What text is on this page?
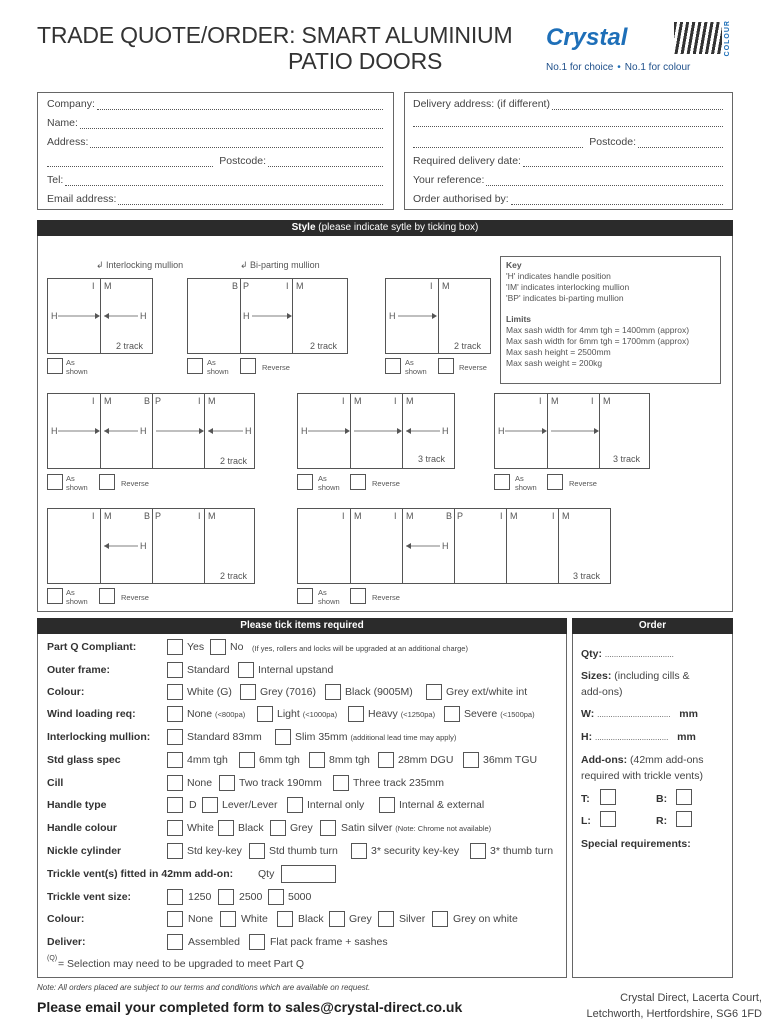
TRADE QUOTE/ORDER: SMART ALUMINIUM
PATIO DOORS
Crystal	COLOUR
No.1 for choice • No.1 for colour
Company:
Name:
Address:
Postcode:
Tel:
Email address:
Delivery address: (if different)
Postcode:
Required delivery date:
Your reference:
Order authorised by:
Style (please indicate sytle by ticking box)
↲ Interlocking mullion	↲ Bi-parting mullion
I M
H	H
2 track
B P	I M
H
2 track
I M
H
2 track
Key
'H' indicates handle position
'IM' indicates interlocking mullion
'BP' indicates bi-parting mullion
Limits
Max sash width for 4mm tgh = 1400mm (approx)
Max sash width for 6mm tgh = 1700mm (approx)
Max sash height = 2500mm
Max sash weight = 200kg
As shown
As shown	Reverse
As shown	Reverse
I M	B P	I M
H	H	H
2 track
I M	I M
H	H
3 track
I M	I M
H
3 track
As shown	Reverse
As shown	Reverse
As shown	Reverse
I M	B P	I M
H
2 track
I M	I M	B P	I M	I M
H
3 track
As shown	Reverse
As shown	Reverse
Please tick items required
Part Q Compliant:	Yes No (If yes, rollers and locks will be upgraded at an additional charge)
Outer frame:	Standard	Internal upstand
Colour:	White (G)	Grey (7016)	Black (9005M)	Grey ext/white int
Wind loading req:	None (<800pa)	Light (<1000pa)	Heavy (<1250pa)	Severe (<1500pa)
Interlocking mullion:	Standard 83mm	Slim 35mm (additional lead time may apply)
Std glass spec	4mm tgh	6mm tgh	8mm tgh	28mm DGU	36mm TGU
Cill	None	Two track 190mm	Three track 235mm
Handle type	D Lever/Lever	Internal only	Internal & external
Handle colour	White Black	Grey	Satin silver (Note: Chrome not available)
Nickle cylinder	Std key-key	Std thumb turn	3* security key-key	3* thumb turn
Trickle vent(s) fitted in 42mm add-on: Qty
Trickle vent size:	1250	2500 5000
Colour:	None	White	Black Grey	Silver	Grey on white
Deliver:	Assembled	Flat pack frame + sashes
(Q) = Selection may need to be upgraded to meet Part Q
Order
Qty: ...............................
Sizes: (including cills &
add-ons)
W: ................................. mm
H: ................................. mm
Add-ons: (42mm add-ons
required with trickle vents)
T:	B:
L:	R:
Special requirements:
Note: All orders placed are subject to our terms and conditions which are available on request.
Please email your completed form to sales@crystal-direct.co.uk
Crystal Direct, Lacerta Court,
Letchworth, Hertfordshire, SG6 1FD
